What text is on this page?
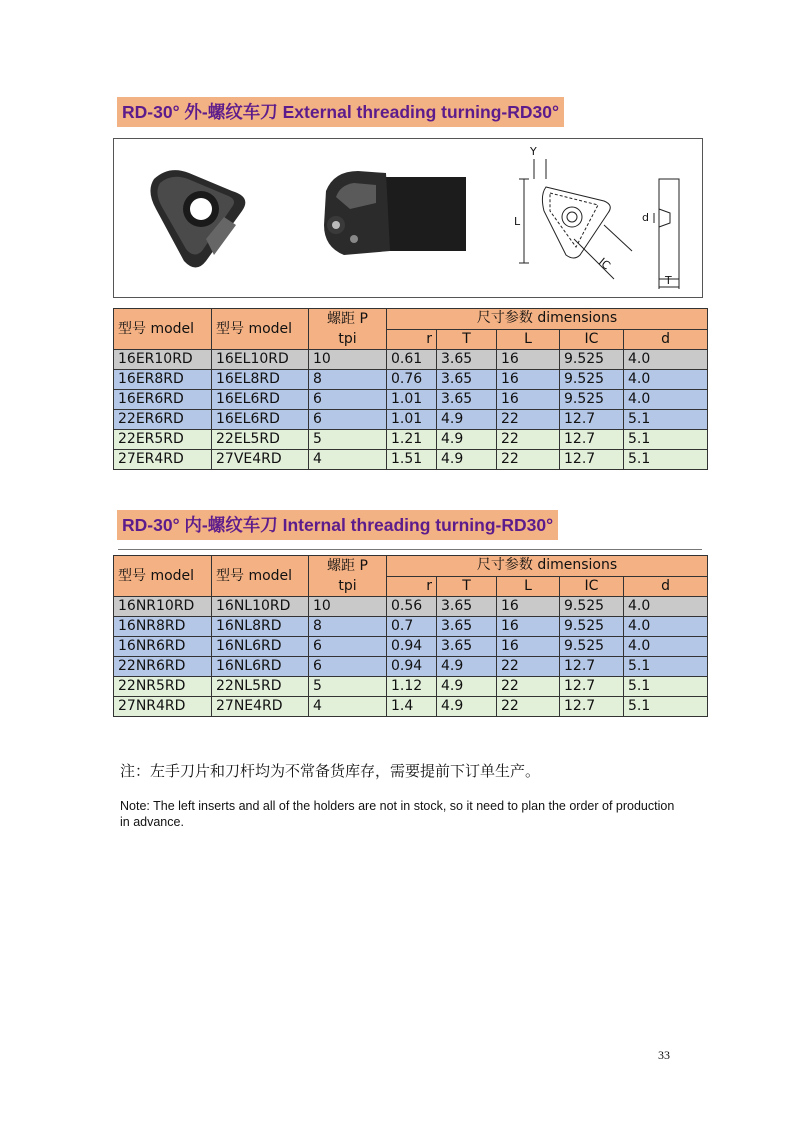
RD-30° 外-螺纹车刀 External threading turning-RD30°
Y
L
IC
d
T
型号 model	型号 model	螺距 P
tpi	尺寸参数 dimensions				
			r	T	L	IC	d
16ER10RD	16EL10RD	10	0.61	3.65	16	9.525	4.0
16ER8RD	16EL8RD	8	0.76	3.65	16	9.525	4.0
16ER6RD	16EL6RD	6	1.01	3.65	16	9.525	4.0
22ER6RD	16EL6RD	6	1.01	4.9	22	12.7	5.1
22ER5RD	22EL5RD	5	1.21	4.9	22	12.7	5.1
27ER4RD	27VE4RD	4	1.51	4.9	22	12.7	5.1
RD-30° 内-螺纹车刀 Internal threading turning-RD30°
型号 model	型号 model	螺距 P
tpi	尺寸参数 dimensions				
			r	T	L	IC	d
16NR10RD	16NL10RD	10	0.56	3.65	16	9.525	4.0
16NR8RD	16NL8RD	8	0.7	3.65	16	9.525	4.0
16NR6RD	16NL6RD	6	0.94	3.65	16	9.525	4.0
22NR6RD	16NL6RD	6	0.94	4.9	22	12.7	5.1
22NR5RD	22NL5RD	5	1.12	4.9	22	12.7	5.1
27NR4RD	27NE4RD	4	1.4	4.9	22	12.7	5.1
注：左手刀片和刀杆均为不常备货库存，需要提前下订单生产。
Note: The left inserts and all of the holders are not in stock, so it need to plan the order of production in advance.
33
